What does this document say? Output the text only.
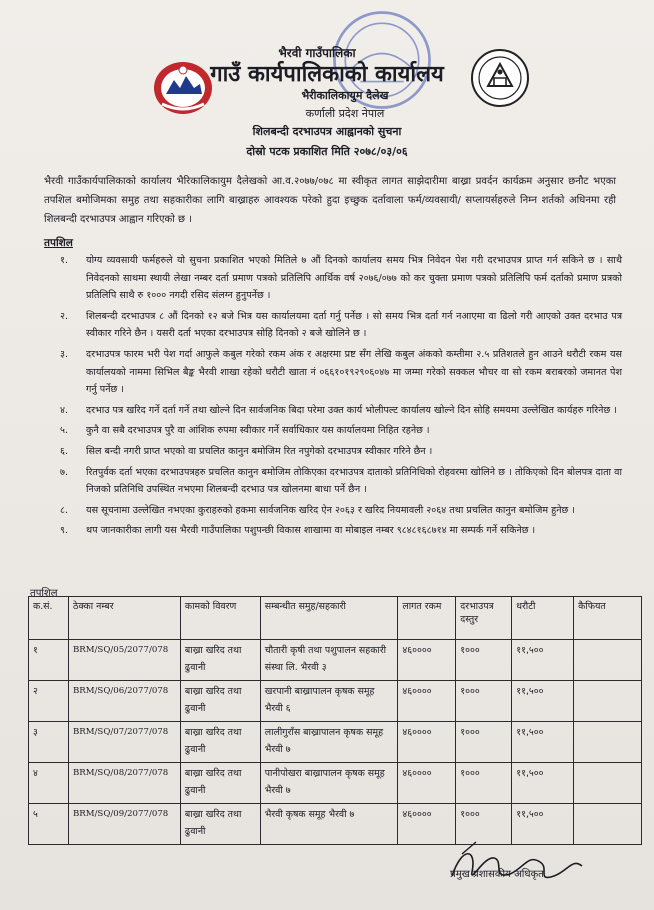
भैरवी गाउँपालिका
गाउँ कार्यपालिकाको कार्यालय
भैरीकालिकायुम दैलेख
कर्णाली प्रदेश नेपाल
शिलबन्दी दरभाउपत्र आह्वानको सुचना
दोस्रो पटक प्रकाशित मिति २०७८/०३/०६

भैरवी गाउँकार्यपालिकाको कार्यालय भैरिकालिकायुम दैलेखको आ.व.२०७७/०७८ मा स्वीकृत लागत साझेदारीमा बाख्रा प्रवर्दन कार्यक्रम अनुसार छनौट भएका तपशिल बमोजिमका समुह तथा सहकारीका लागि बाख्राहरु आवश्यक परेको हुदा इच्छुक दर्तावाला फर्म/व्यवसायी/ सप्लायर्सहरुले निम्न शर्तको अधिनमा रही शिलबन्दी दरभाउपत्र आह्वान गरिएको छ ।

तपशिल
१. योग्य व्यवसायी फर्महरुले यो सुचना प्रकाशित भएको मितिले ७ औं दिनको कार्यालय समय भित्र निवेदन पेश गरी दरभाउपत्र प्राप्त गर्न सकिने छ । साथै निवेदनको साथमा स्थायी लेखा नम्बर दर्ता प्रमाण पत्रको प्रतिलिपि आर्थिक वर्ष २०७६/०७७ को कर चुक्ता प्रमाण पत्रको प्रतिलिपि फर्म दर्ताको प्रमाण प्रत्रको प्रतिलिपि साथै रु १००० नगदी रसिद संलग्न हुनुपर्नेछ ।
२. शिलबन्दी दरभाउपत्र ८ औं दिनको १२ बजे भित्र यस कार्यालयमा दर्ता गर्नु पर्नेछ । सो समय भित्र दर्ता गर्न नआएमा वा ढिलो गरी आएको उक्त दरभाउ पत्र स्वीकार गरिने छैन । यसरी दर्ता भएका दरभाउपत्र सोहि दिनको २ बजे खोलिने छ ।
३. दरभाउपत्र फारम भरी पेश गर्दा आफुले कबुल गरेको रकम अंक र अक्षरमा प्रष्ट सँग लेखि कबुल अंकको कम्तीमा २.५ प्रतिशतले हुन आउने धरौटी रकम यस कार्यालयको नाममा सिभिल बैङ्क भैरवी शाखा रहेको धरौटी खाता नं ०६६१०१९२९०६०४७ मा जम्मा गरेको सक्कल भौचर वा सो रकम बराबरको जमानत पेश गर्नु पर्नेछ ।
४. दरभाउ पत्र खरिद गर्ने दर्ता गर्ने तथा खोल्ने दिन सार्वजनिक बिदा परेमा उक्त कार्य भोलीपल्ट कार्यालय खोल्ने दिन सोहि समयमा उल्लेखित कार्यहरु गरिनेछ ।
५. कुनै वा सबै दरभाउपत्र पुरै वा आंशिक रुपमा स्वीकार गर्ने सर्वाधिकार यस कार्यालयमा निहित रहनेछ ।
६. सिल बन्दी नगरी प्राप्त भएको वा प्रचलित कानुन बमोजिम रित नपुगेको दरभाउपत्र स्वीकार गरिने छैन ।
७. रितपुर्वक दर्ता भएका दरभाउपत्रहरु प्रचलित कानुन बमोजिम तोकिएका दरभाउपत्र दाताको प्रतिनिधिको रोहवरमा खोलिने छ । तोकिएको दिन बोलपत्र दाता वा निजको प्रतिनिधि उपस्थित नभएमा शिलबन्दी दरभाउ पत्र खोलनमा बाधा पर्ने छैन ।
८. यस सूचनामा उल्लेखित नभएका कुराहरुको हकमा सार्वजनिक खरिद ऐन २०६३ र खरिद नियमावली २०६४ तथा प्रचलित कानुन बमोजिम हुनेछ ।
९. थप जानकारीका लागी यस भैरवी गाउँपालिका पशुपन्छी विकास शाखामा वा मोबाइल नम्बर ९८४८१६८७१४ मा सम्पर्क गर्ने सकिनेछ ।
तपशिल
क.सं.	ठेक्का नम्बर	कामको विवरण	सम्बन्धीत समुह/सहकारी	लागत रकम	दरभाउपत्र दस्तुर	धरौटी	कैफियत
१	BRM/SQ/05/2077/078	बाख्रा खरिद तथा ढुवानी	चौतारी कृषी तथा पशुपालन सहकारी संस्था लि. भैरवी ३	४६००००	१०००	११,५००	
२	BRM/SQ/06/2077/078	बाख्रा खरिद तथा ढुवानी	खरपानी बाख्रापालन कृषक समूह भैरवी ६	४६००००	१०००	११,५००	
३	BRM/SQ/07/2077/078	बाख्रा खरिद तथा ढुवानी	लालीगुराँस बाख्रापालन कृषक समूह भैरवी ७	४६००००	१०००	११,५००	
४	BRM/SQ/08/2077/078	बाख्रा खरिद तथा ढुवानी	पानीपोखरा बाख्रापालन कृषक समूह भैरवी ७	४६००००	१०००	११,५००	
५	BRM/SQ/09/2077/078	बाख्रा खरिद तथा ढुवानी	भैरवी कृषक समूह भैरवी ७	४६००००	१०००	११,५००	
प्रमुख प्रशासकीय अधिकृत
